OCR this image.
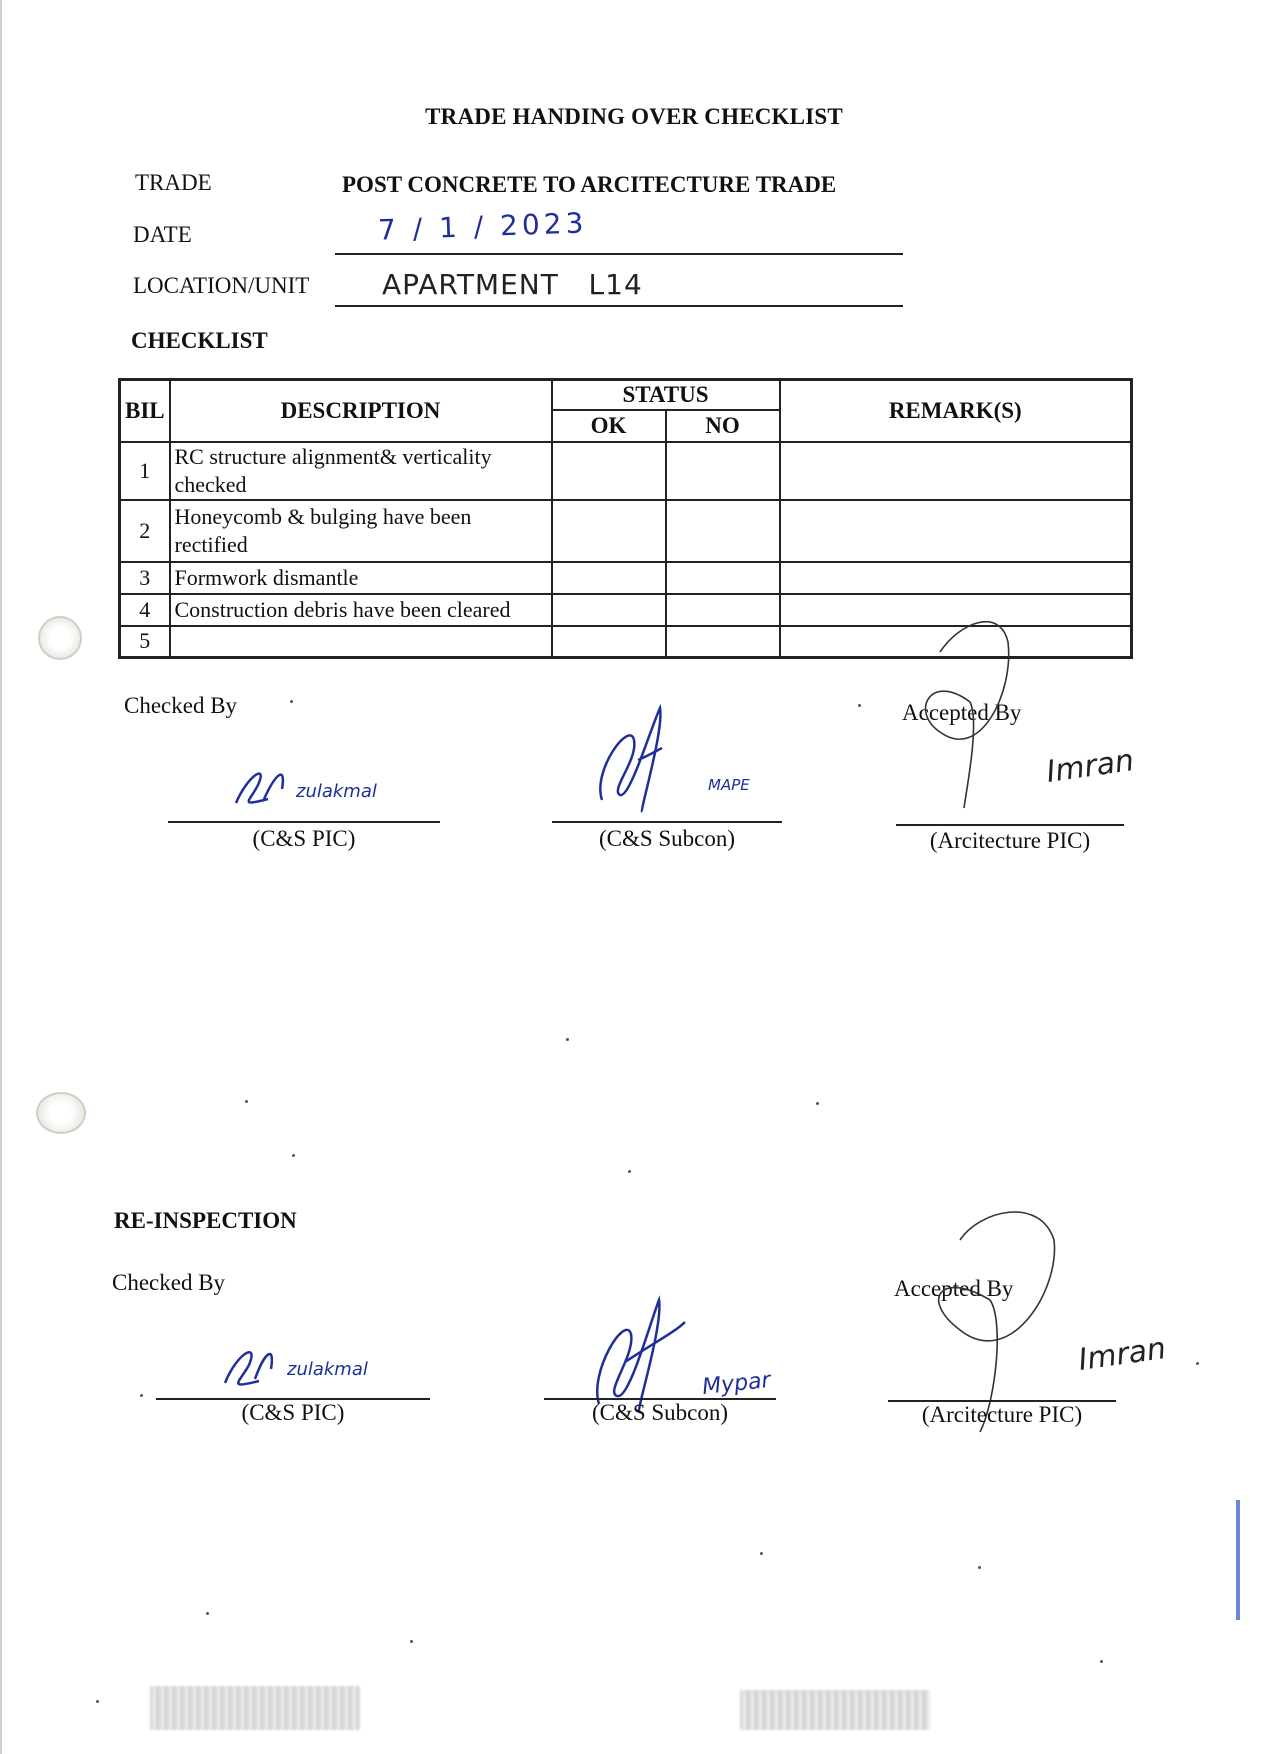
TRADE HANDING OVER CHECKLIST
TRADE	POST CONCRETE TO ARCITECTURE TRADE
DATE	7 / 1 / 2023
LOCATION/UNIT	APARTMENT   L14
CHECKLIST
BIL	DESCRIPTION	STATUS		REMARK(S)
		OK	NO	
1	RC structure alignment& verticality checked			
2	Honeycomb & bulging have been rectified			
3	Formwork dismantle			
4	Construction debris have been cleared			
5				
Checked By	Accepted By
zulakmal
(C&S PIC)
MAPE
(C&S Subcon)
Imran
(Arcitecture PIC)
RE-INSPECTION
Checked By	Accepted By
zulakmal
(C&S PIC)
Mypar
(C&S Subcon)
Imran
(Arcitecture PIC)
